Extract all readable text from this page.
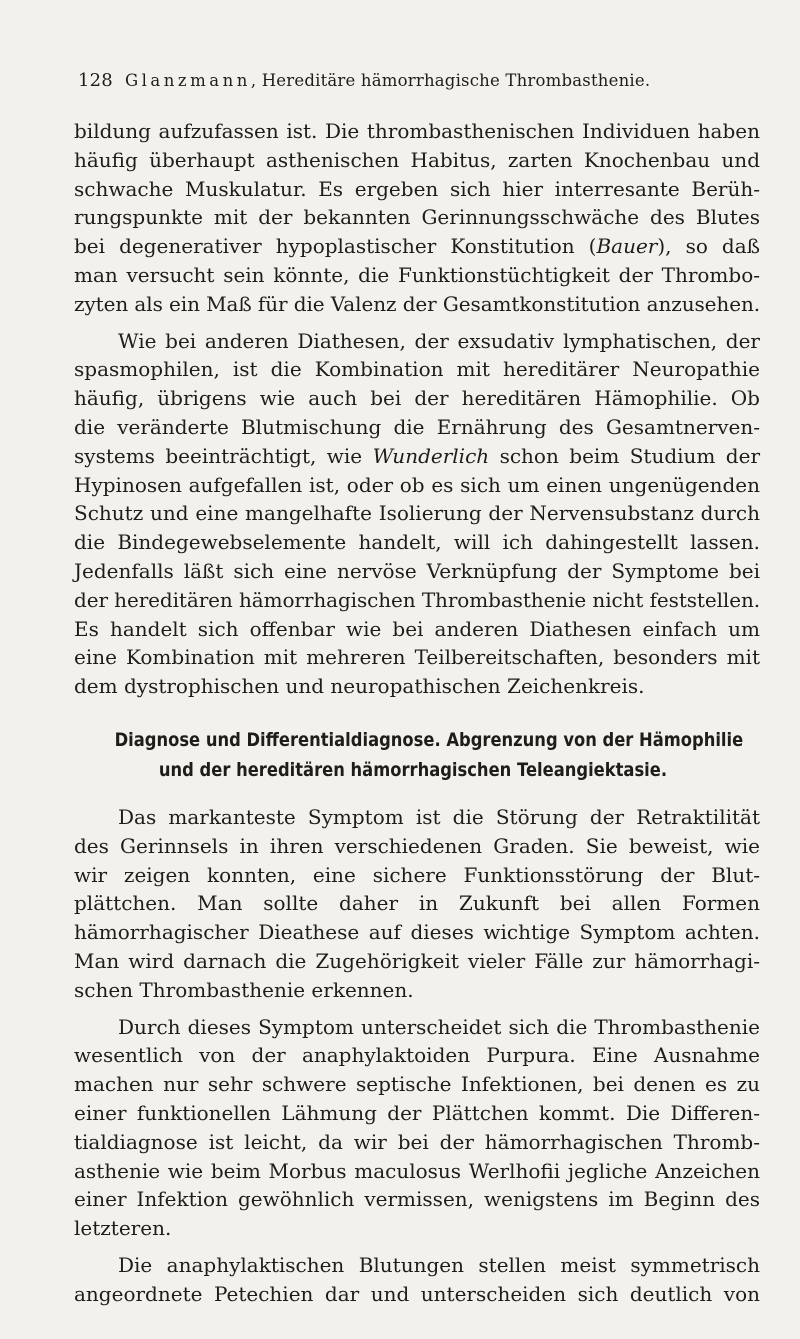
128 Glanzmann, Hereditäre hämorrhagische Thrombasthenie.
bildung aufzufassen ist. Die thrombasthenischen Individuen haben
häufig überhaupt asthenischen Habitus, zarten Knochenbau und
schwache Muskulatur. Es ergeben sich hier interresante Berüh-
rungspunkte mit der bekannten Gerinnungsschwäche des Blutes
bei degenerativer hypoplastischer Konstitution (Bauer), so daß
man versucht sein könnte, die Funktionstüchtigkeit der Thrombo-
zyten als ein Maß für die Valenz der Gesamtkonstitution anzusehen.
Wie bei anderen Diathesen, der exsudativ lymphatischen, der
spasmophilen, ist die Kombination mit hereditärer Neuropathie
häufig, übrigens wie auch bei der hereditären Hämophilie. Ob
die veränderte Blutmischung die Ernährung des Gesamtnerven-
systems beeinträchtigt, wie Wunderlich schon beim Studium der
Hypinosen aufgefallen ist, oder ob es sich um einen ungenügenden
Schutz und eine mangelhafte Isolierung der Nervensubstanz durch
die Bindegewebselemente handelt, will ich dahingestellt lassen.
Jedenfalls läßt sich eine nervöse Verknüpfung der Symptome bei
der hereditären hämorrhagischen Thrombasthenie nicht feststellen.
Es handelt sich offenbar wie bei anderen Diathesen einfach um
eine Kombination mit mehreren Teilbereitschaften, besonders mit
dem dystrophischen und neuropathischen Zeichenkreis.
Diagnose und Differentialdiagnose. Abgrenzung von der Hämophilie
und der hereditären hämorrhagischen Teleangiektasie.
Das markanteste Symptom ist die Störung der Retraktilität
des Gerinnsels in ihren verschiedenen Graden. Sie beweist, wie
wir zeigen konnten, eine sichere Funktionsstörung der Blut-
plättchen. Man sollte daher in Zukunft bei allen Formen
hämorrhagischer Dieathese auf dieses wichtige Symptom achten.
Man wird darnach die Zugehörigkeit vieler Fälle zur hämorrhagi-
schen Thrombasthenie erkennen.
Durch dieses Symptom unterscheidet sich die Thrombasthenie
wesentlich von der anaphylaktoiden Purpura. Eine Ausnahme
machen nur sehr schwere septische Infektionen, bei denen es zu
einer funktionellen Lähmung der Plättchen kommt. Die Differen-
tialdiagnose ist leicht, da wir bei der hämorrhagischen Thromb-
asthenie wie beim Morbus maculosus Werlhofii jegliche Anzeichen
einer Infektion gewöhnlich vermissen, wenigstens im Beginn des
letzteren.
Die anaphylaktischen Blutungen stellen meist symmetrisch
angeordnete Petechien dar und unterscheiden sich deutlich von
